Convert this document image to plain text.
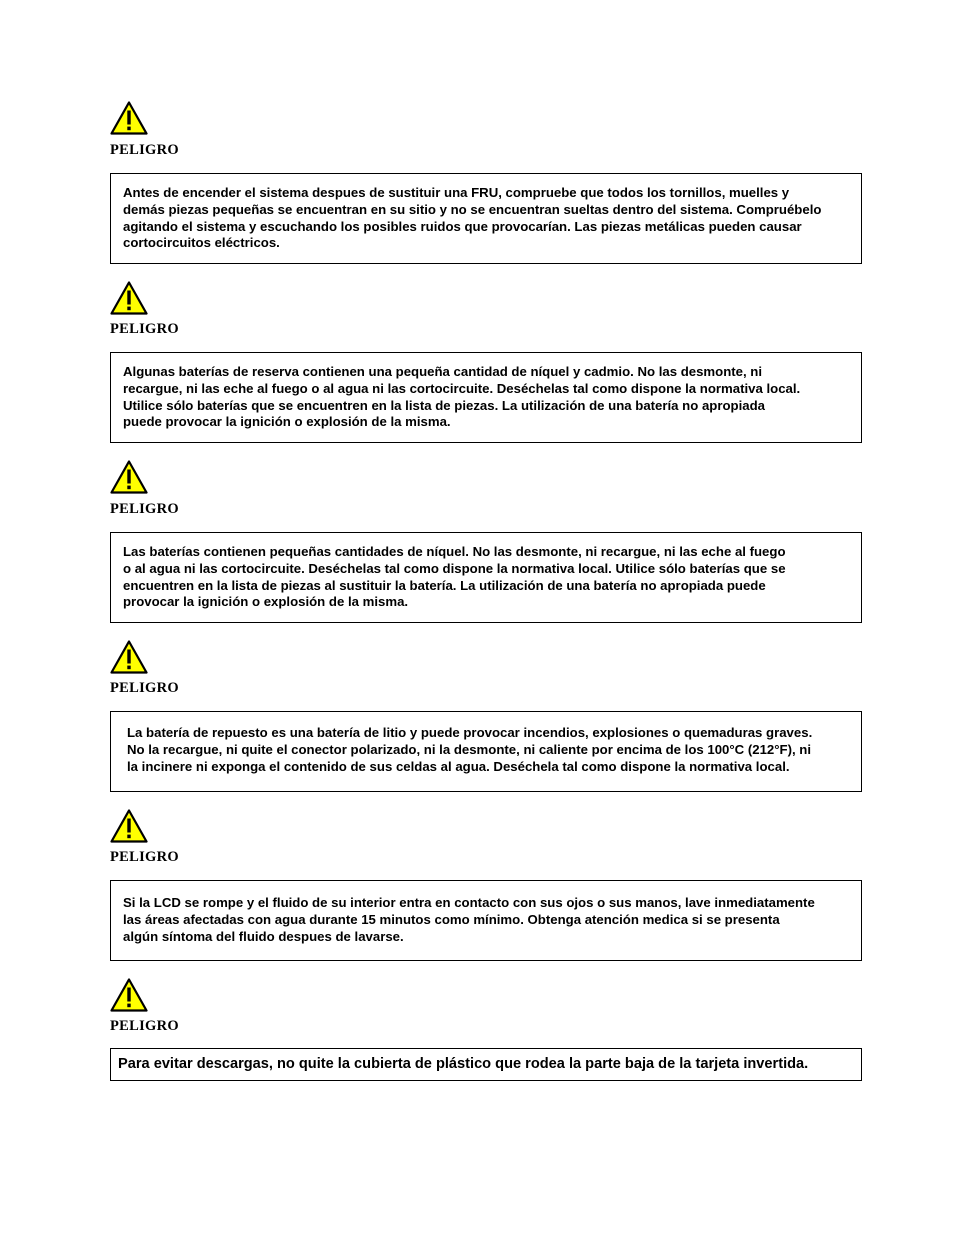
PELIGRO
Antes de encender el sistema despues de sustituir una FRU, compruebe que todos los tornillos, muelles y
demás piezas pequeñas se encuentran en su sitio y no se encuentran sueltas dentro del sistema. Compruébelo
agitando el sistema y escuchando los posibles ruidos que provocarían. Las piezas metálicas pueden causar
cortocircuitos eléctricos.
PELIGRO
Algunas baterías de reserva contienen una pequeña cantidad de níquel y cadmio. No las desmonte, ni
recargue, ni las eche al fuego o al agua ni las cortocircuite. Deséchelas tal como dispone la normativa local.
Utilice sólo baterías que se encuentren en la lista de piezas. La utilización de una batería no apropiada
puede provocar la ignición o explosión de la misma.
PELIGRO
Las baterías contienen pequeñas cantidades de níquel. No las desmonte, ni recargue, ni las eche al fuego
o al agua ni las cortocircuite. Deséchelas tal como dispone la normativa local. Utilice sólo baterías que se
encuentren en la lista de piezas al sustituir la batería. La utilización de una batería no apropiada puede
provocar la ignición o explosión de la misma.
PELIGRO
La batería de repuesto es una batería de litio y puede provocar incendios, explosiones o quemaduras graves.
No la recargue, ni quite el conector polarizado, ni la desmonte, ni caliente por encima de los 100°C (212°F), ni
la incinere ni exponga el contenido de sus celdas al agua. Deséchela tal como dispone la normativa local.
PELIGRO
Si la LCD se rompe y el fluido de su interior entra en contacto con sus ojos o sus manos, lave inmediatamente
las áreas afectadas con agua durante 15 minutos como mínimo. Obtenga atención medica si se presenta
algún síntoma del fluido despues de lavarse.
PELIGRO
Para evitar descargas, no quite la cubierta de plástico que rodea la parte baja de la tarjeta invertida.
